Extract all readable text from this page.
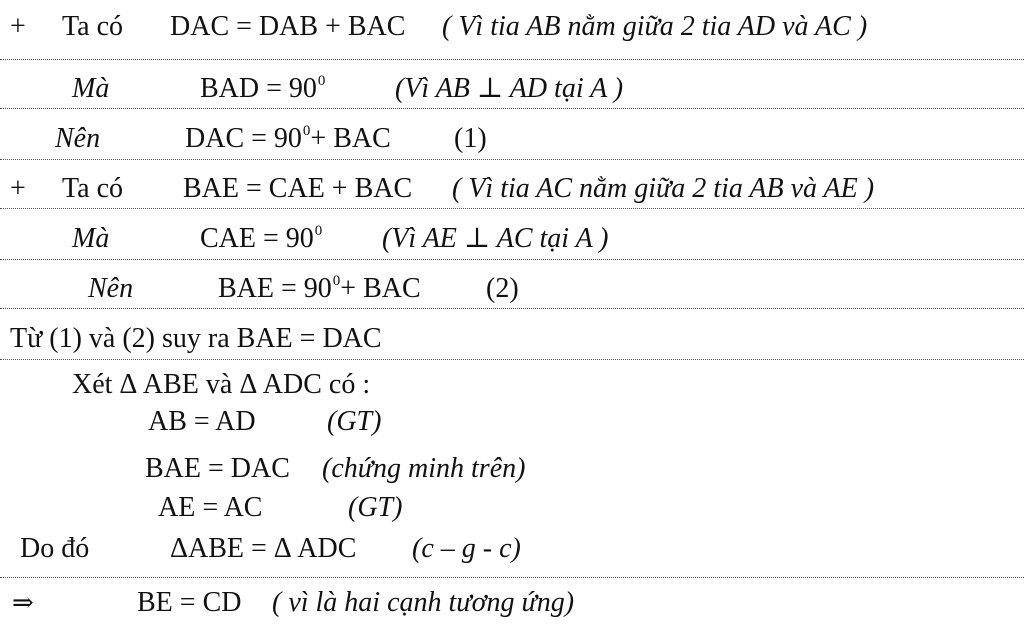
+ Ta có DAC = DAB + BAC ( Vì tia AB nằm giữa 2 tia AD và AC )
Mà	BAD = 900 (Vì AB ⊥ AD tại A )
Nên	DAC = 900+ BAC (1)
+ Ta có BAE = CAE + BAC ( Vì tia AC nằm giữa 2 tia AB và AE )
Mà	CAE = 900 (Vì AE ⊥ AC tại A )
Nên	BAE = 900+ BAC (2)
Từ (1) và (2) suy ra BAE = DAC
Xét Δ ABE và Δ ADC có :
AB = AD	(GT)
BAE = DAC (chứng minh trên)
AE = AC	(GT)
Do đó	ΔABE = Δ ADC (c – g - c)
⇒	BE = CD ( vì là hai cạnh tương ứng)
